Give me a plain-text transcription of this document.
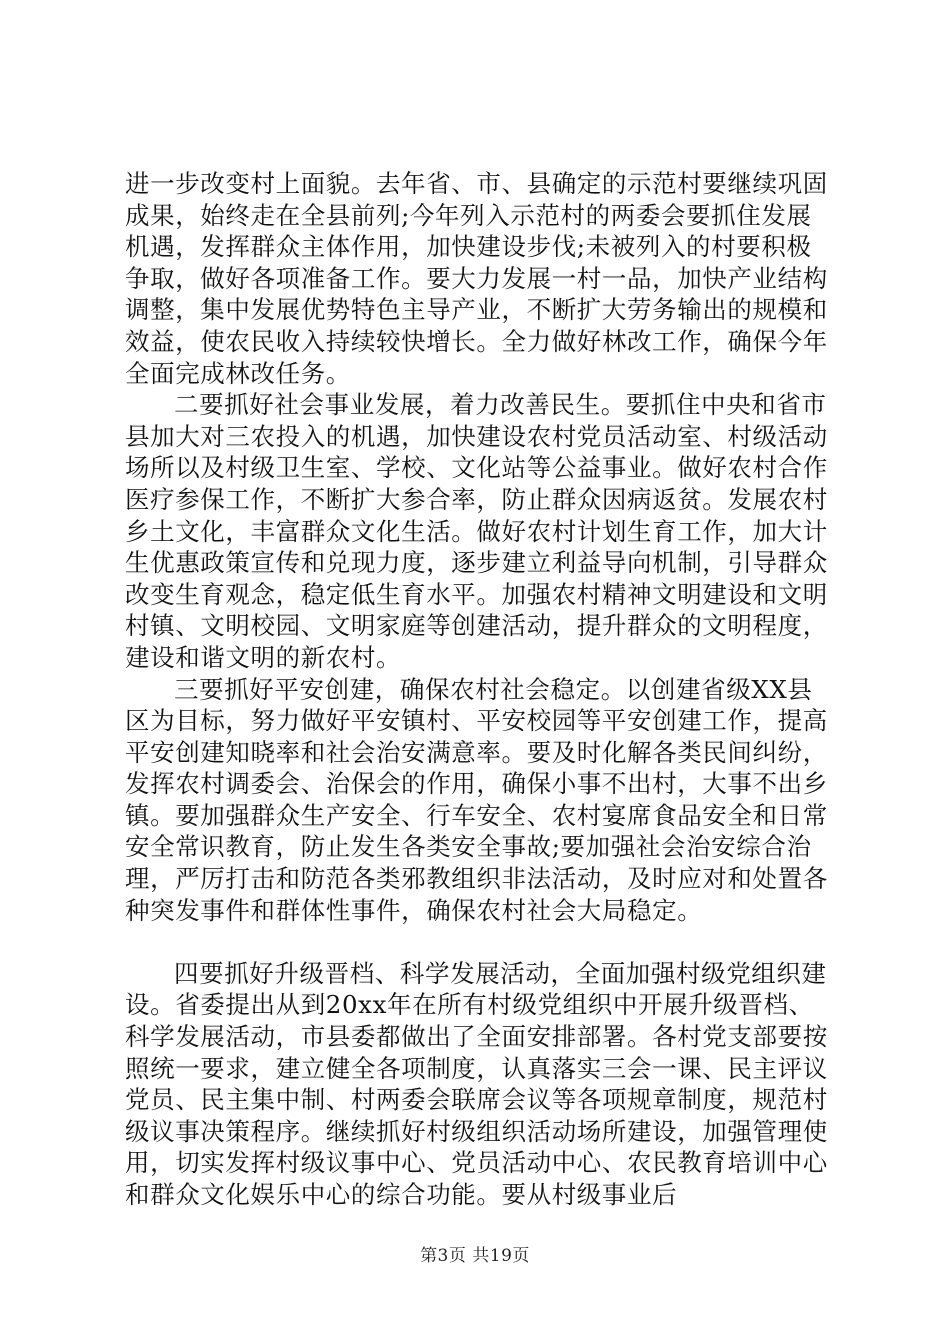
进一步改变村上面貌。去年省、市、县确定的示范村要继续巩固成果，始终走在全县前列;今年列入示范村的两委会要抓住发展机遇，发挥群众主体作用，加快建设步伐;未被列入的村要积极争取，做好各项准备工作。要大力发展一村一品，加快产业结构调整，集中发展优势特色主导产业，不断扩大劳务输出的规模和效益，使农民收入持续较快增长。全力做好林改工作，确保今年全面完成林改任务。

二要抓好社会事业发展，着力改善民生。要抓住中央和省市县加大对三农投入的机遇，加快建设农村党员活动室、村级活动场所以及村级卫生室、学校、文化站等公益事业。做好农村合作医疗参保工作，不断扩大参合率，防止群众因病返贫。发展农村乡土文化，丰富群众文化生活。做好农村计划生育工作，加大计生优惠政策宣传和兑现力度，逐步建立利益导向机制，引导群众改变生育观念，稳定低生育水平。加强农村精神文明建设和文明村镇、文明校园、文明家庭等创建活动，提升群众的文明程度，建设和谐文明的新农村。

三要抓好平安创建，确保农村社会稳定。以创建省级XX县区为目标，努力做好平安镇村、平安校园等平安创建工作，提高平安创建知晓率和社会治安满意率。要及时化解各类民间纠纷，发挥农村调委会、治保会的作用，确保小事不出村，大事不出乡镇。要加强群众生产安全、行车安全、农村宴席食品安全和日常安全常识教育，防止发生各类安全事故;要加强社会治安综合治理，严厉打击和防范各类邪教组织非法活动，及时应对和处置各种突发事件和群体性事件，确保农村社会大局稳定。

四要抓好升级晋档、科学发展活动，全面加强村级党组织建设。省委提出从到20xx年在所有村级党组织中开展升级晋档、科学发展活动，市县委都做出了全面安排部署。各村党支部要按照统一要求，建立健全各项制度，认真落实三会一课、民主评议党员、民主集中制、村两委会联席会议等各项规章制度，规范村级议事决策程序。继续抓好村级组织活动场所建设，加强管理使用，切实发挥村级议事中心、党员活动中心、农民教育培训中心和群众文化娱乐中心的综合功能。要从村级事业后

第3页 共19页
